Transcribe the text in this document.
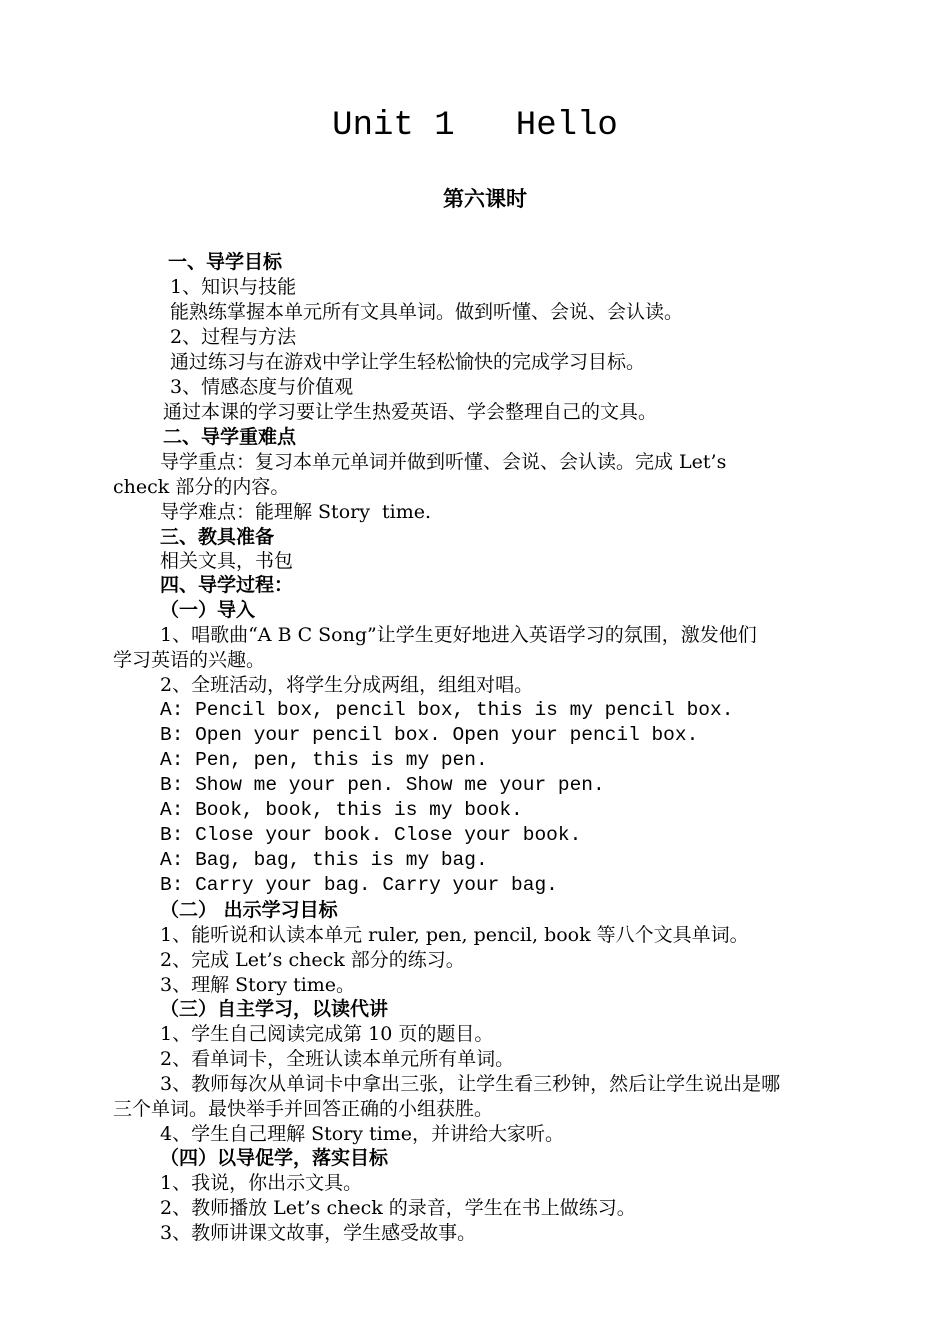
Unit 1   Hello
第六课时
一、导学目标
1、知识与技能
能熟练掌握本单元所有文具单词。做到听懂、会说、会认读。
2、过程与方法
通过练习与在游戏中学让学生轻松愉快的完成学习目标。
3、情感态度与价值观
通过本课的学习要让学生热爱英语、学会整理自己的文具。
二、导学重难点
导学重点：复习本单元单词并做到听懂、会说、会认读。完成 Let’s
check 部分的内容。
导学难点：能理解 Story  time.
三、教具准备
相关文具，书包
四、导学过程：
（一）导入
1、唱歌曲“A B C Song”让学生更好地进入英语学习的氛围，激发他们
学习英语的兴趣。
2、全班活动，将学生分成两组，组组对唱。
A: Pencil box, pencil box, this is my pencil box.
B: Open your pencil box. Open your pencil box.
A: Pen, pen, this is my pen.
B: Show me your pen. Show me your pen.
A: Book, book, this is my book.
B: Close your book. Close your book.
A: Bag, bag, this is my bag.
B: Carry your bag. Carry your bag.
（二） 出示学习目标
1、能听说和认读本单元 ruler, pen, pencil, book 等八个文具单词。
2、完成 Let’s check 部分的练习。
3、理解 Story time。
（三）自主学习，以读代讲
1、学生自己阅读完成第 10 页的题目。
2、看单词卡，全班认读本单元所有单词。
3、教师每次从单词卡中拿出三张，让学生看三秒钟，然后让学生说出是哪
三个单词。最快举手并回答正确的小组获胜。
4、学生自己理解 Story time，并讲给大家听。
（四）以导促学，落实目标
1、我说，你出示文具。
2、教师播放 Let’s check 的录音，学生在书上做练习。
3、教师讲课文故事，学生感受故事。
